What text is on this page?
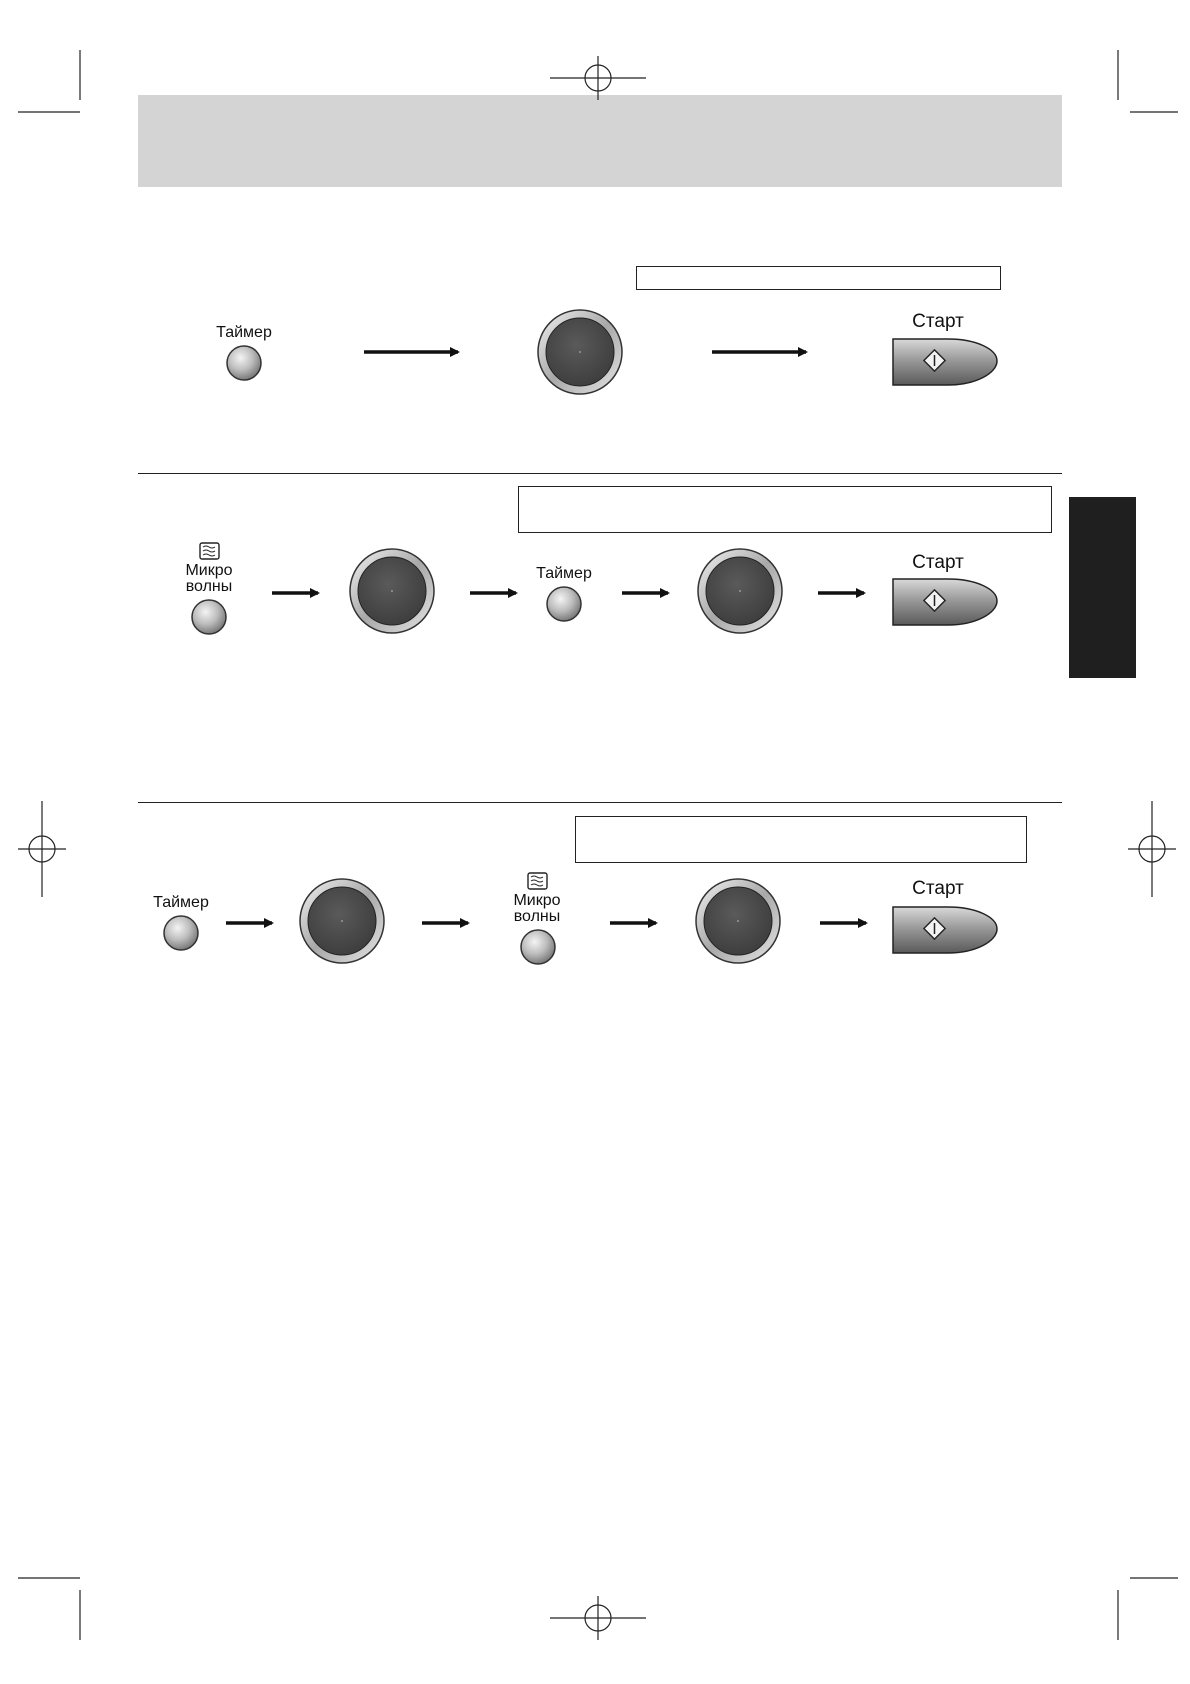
Таймер
Старт
Микро
волны
Таймер
Старт
Таймер	Микро
волны
Старт
